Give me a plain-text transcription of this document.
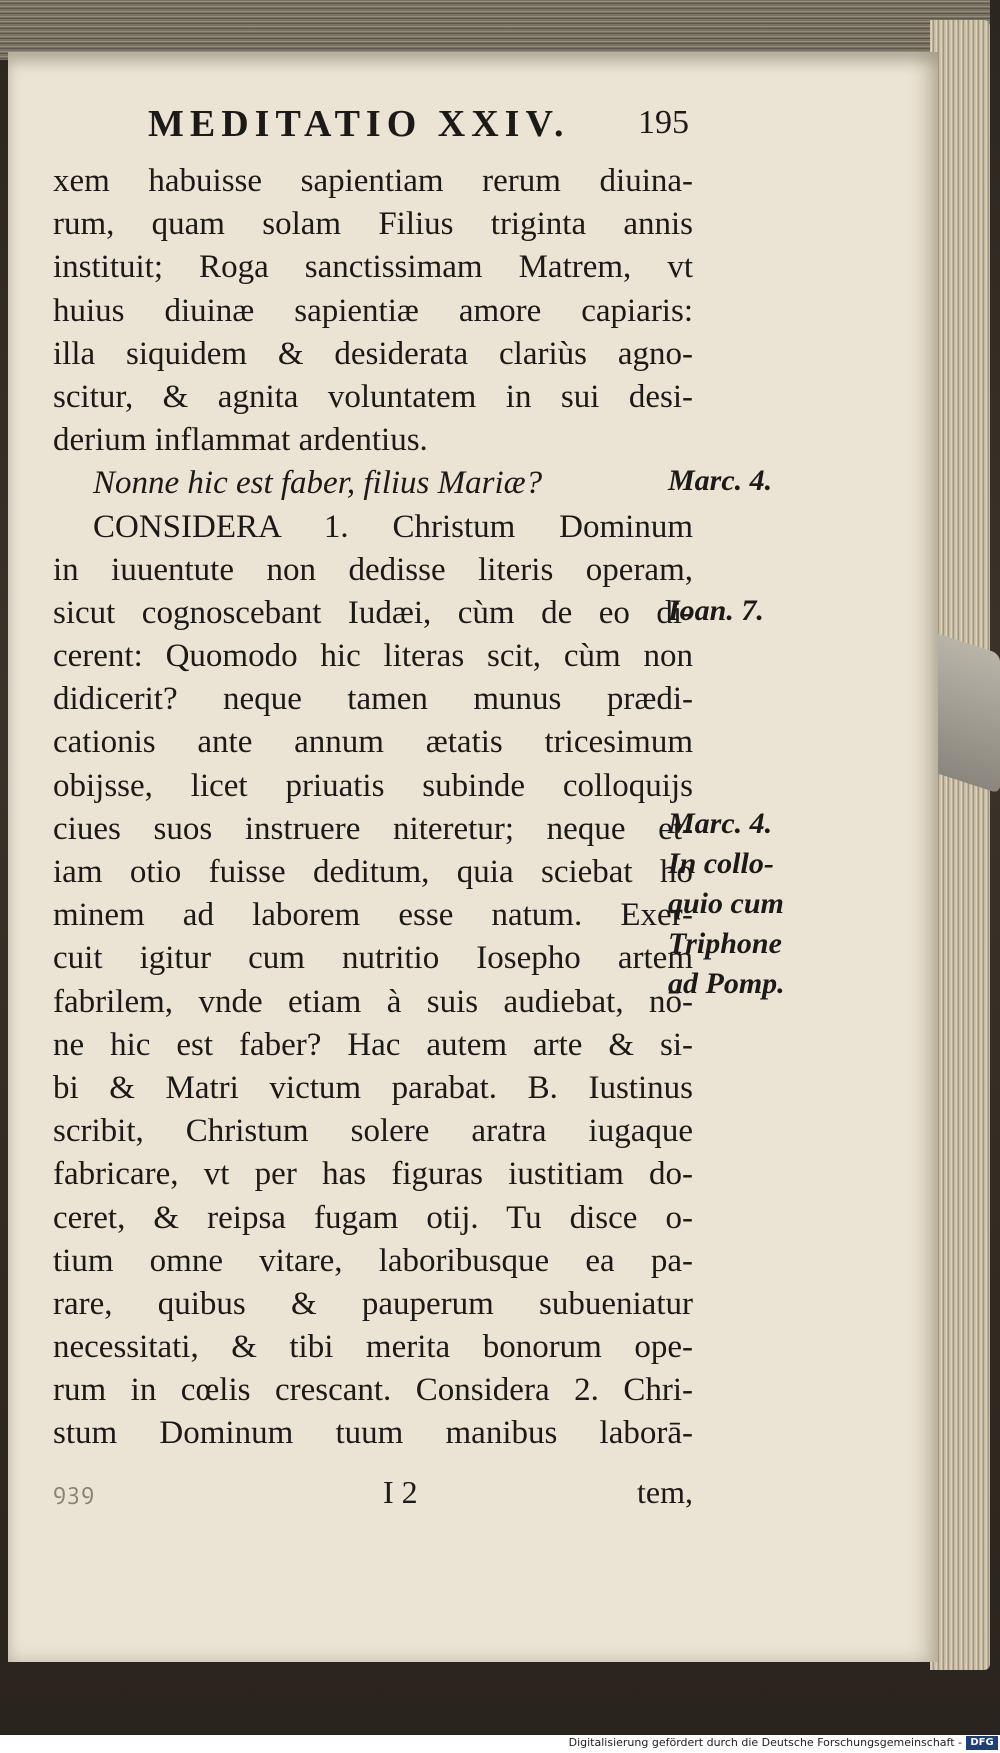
MEDITATIO XXIV.	195
xem habuisse sapientiam rerum diuina-
rum, quam solam Filius triginta annis
instituit; Roga sanctissimam Matrem, vt
huius diuinæ sapientiæ amore capiaris:
illa siquidem & desiderata clariùs agno-
scitur, & agnita voluntatem in sui desi-
derium inflammat ardentius.
Nonne hic est faber, filius Mariæ?
CONSIDERA 1. Christum Dominum
in iuuentute non dedisse literis operam,
sicut cognoscebant Iudæi, cùm de eo di-
cerent: Quomodo hic literas scit, cùm non
didicerit? neque tamen munus prædi-
cationis ante annum ætatis tricesimum
obijsse, licet priuatis subinde colloquijs
ciues suos instruere niteretur; neque et-
iam otio fuisse deditum, quia sciebat ho
minem ad laborem esse natum. Exer-
cuit igitur cum nutritio Iosepho artem
fabrilem, vnde etiam à suis audiebat, nō-
ne hic est faber? Hac autem arte & si-
bi & Matri victum parabat. B. Iustinus
scribit, Christum solere aratra iugaque
fabricare, vt per has figuras iustitiam do-
ceret, & reipsa fugam otij. Tu disce o-
tium omne vitare, laboribusque ea pa-
rare, quibus & pauperum subueniatur
necessitati, & tibi merita bonorum ope-
rum in cœlis crescant. Considera 2. Chri-
stum Dominum tuum manibus laborā-
Marc. 4.
Ioan. 7.
Marc. 4.
In collo-
quio cum
Triphone
ad Pomp.
ꝯꝫꝯ	I 2	tem,
Digitalisierung gefördert durch die Deutsche Forschungsgemeinschaft - DFG
